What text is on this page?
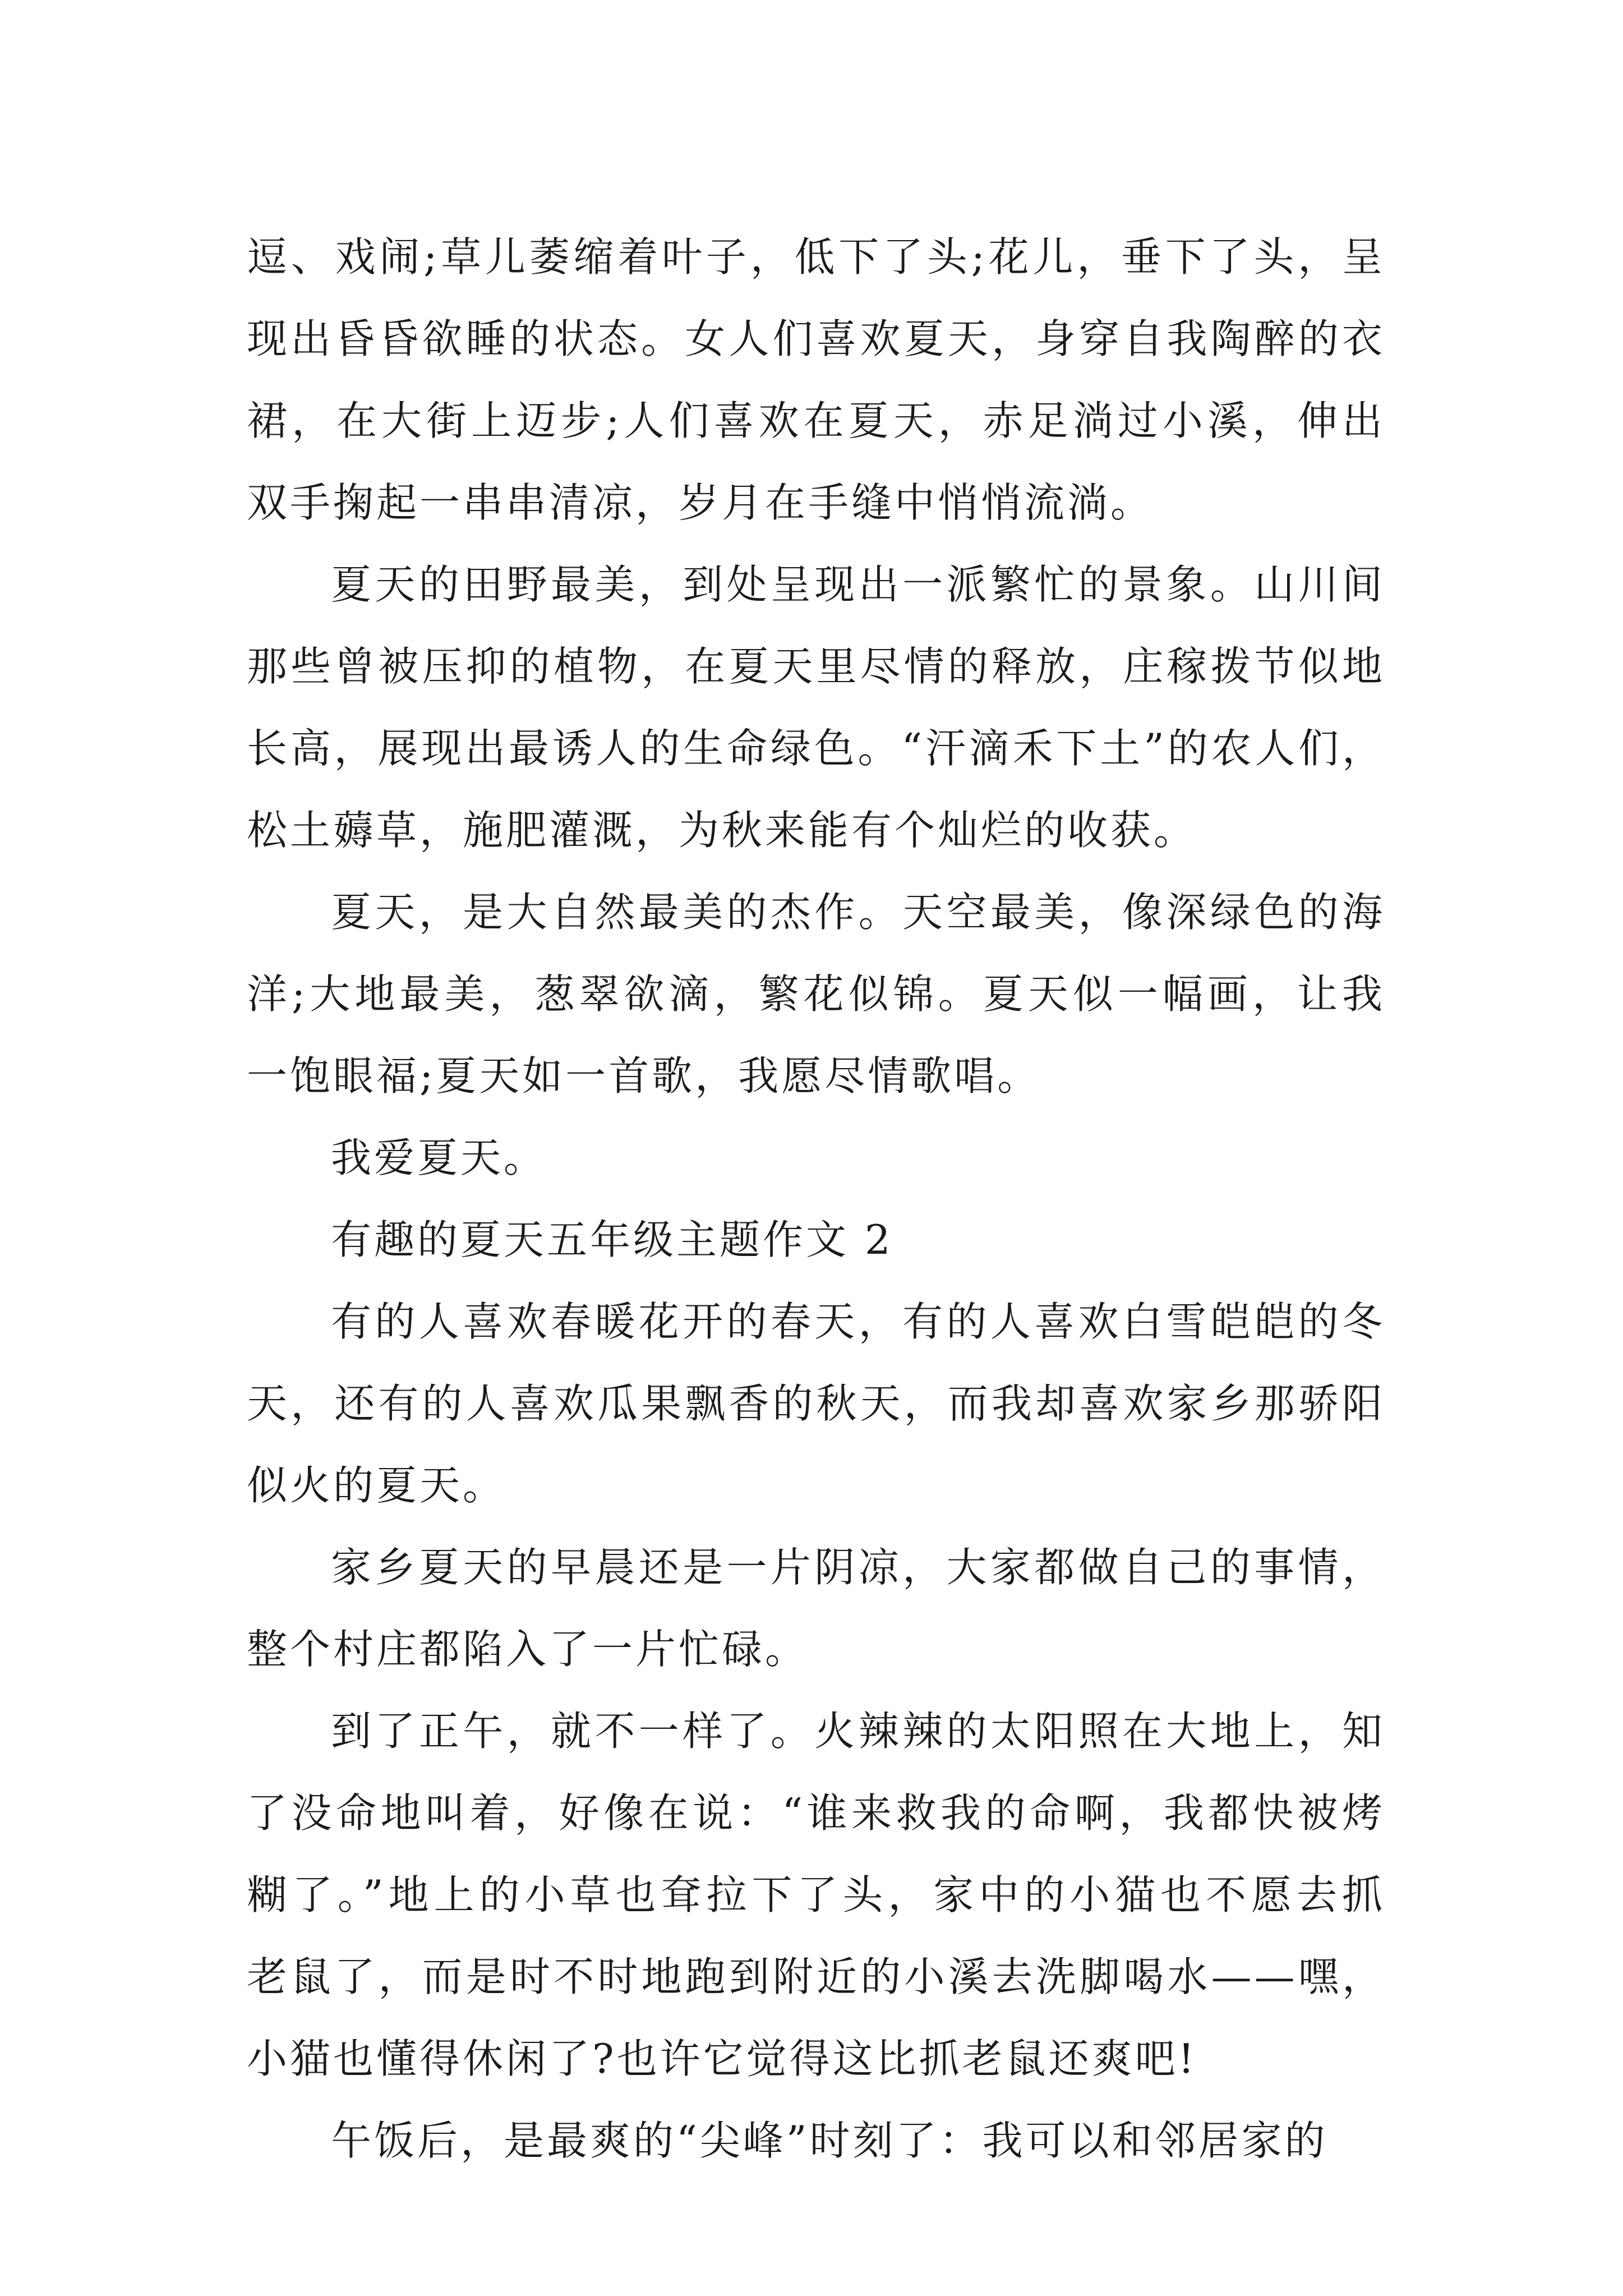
逗、戏闹;草儿萎缩着叶子，低下了头;花儿，垂下了头，呈
现出昏昏欲睡的状态。女人们喜欢夏天，身穿自我陶醉的衣
裙，在大街上迈步;人们喜欢在夏天，赤足淌过小溪，伸出
双手掬起一串串清凉，岁月在手缝中悄悄流淌。
夏天的田野最美，到处呈现出一派繁忙的景象。山川间
那些曾被压抑的植物，在夏天里尽情的释放，庄稼拨节似地
长高，展现出最诱人的生命绿色。“汗滴禾下土”的农人们，
松土薅草，施肥灌溉，为秋来能有个灿烂的收获。
夏天，是大自然最美的杰作。天空最美，像深绿色的海
洋;大地最美，葱翠欲滴，繁花似锦。夏天似一幅画，让我
一饱眼福;夏天如一首歌，我愿尽情歌唱。
我爱夏天。
有趣的夏天五年级主题作文 2
有的人喜欢春暖花开的春天，有的人喜欢白雪皑皑的冬
天，还有的人喜欢瓜果飘香的秋天，而我却喜欢家乡那骄阳
似火的夏天。
家乡夏天的早晨还是一片阴凉，大家都做自己的事情，
整个村庄都陷入了一片忙碌。
到了正午，就不一样了。火辣辣的太阳照在大地上，知
了没命地叫着，好像在说：“谁来救我的命啊，我都快被烤
糊了。”地上的小草也耷拉下了头，家中的小猫也不愿去抓
老鼠了，而是时不时地跑到附近的小溪去洗脚喝水——嘿，
小猫也懂得休闲了?也许它觉得这比抓老鼠还爽吧!
午饭后，是最爽的“尖峰”时刻了：我可以和邻居家的
